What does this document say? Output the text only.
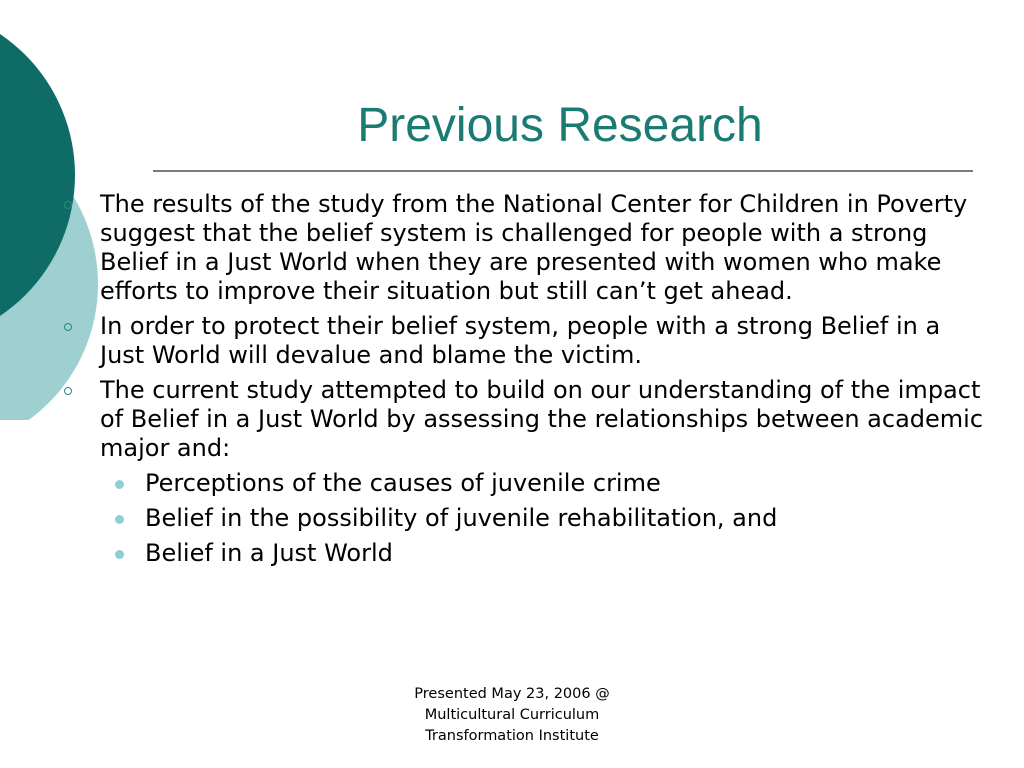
Previous Research
The results of the study from the National Center for Children in Poverty suggest that the belief system is challenged for people with a strong Belief in a Just World when they are presented with women who make efforts to improve their situation but still can’t get ahead.
In order to protect their belief system, people with a strong Belief in a Just World will devalue and blame the victim.
The current study attempted to build on our understanding of the impact of Belief in a Just World by assessing the relationships between academic major and:
Perceptions of the causes of juvenile crime
Belief in the possibility of juvenile rehabilitation, and
Belief in a Just World
Presented May 23, 2006 @
Multicultural Curriculum
Transformation Institute
